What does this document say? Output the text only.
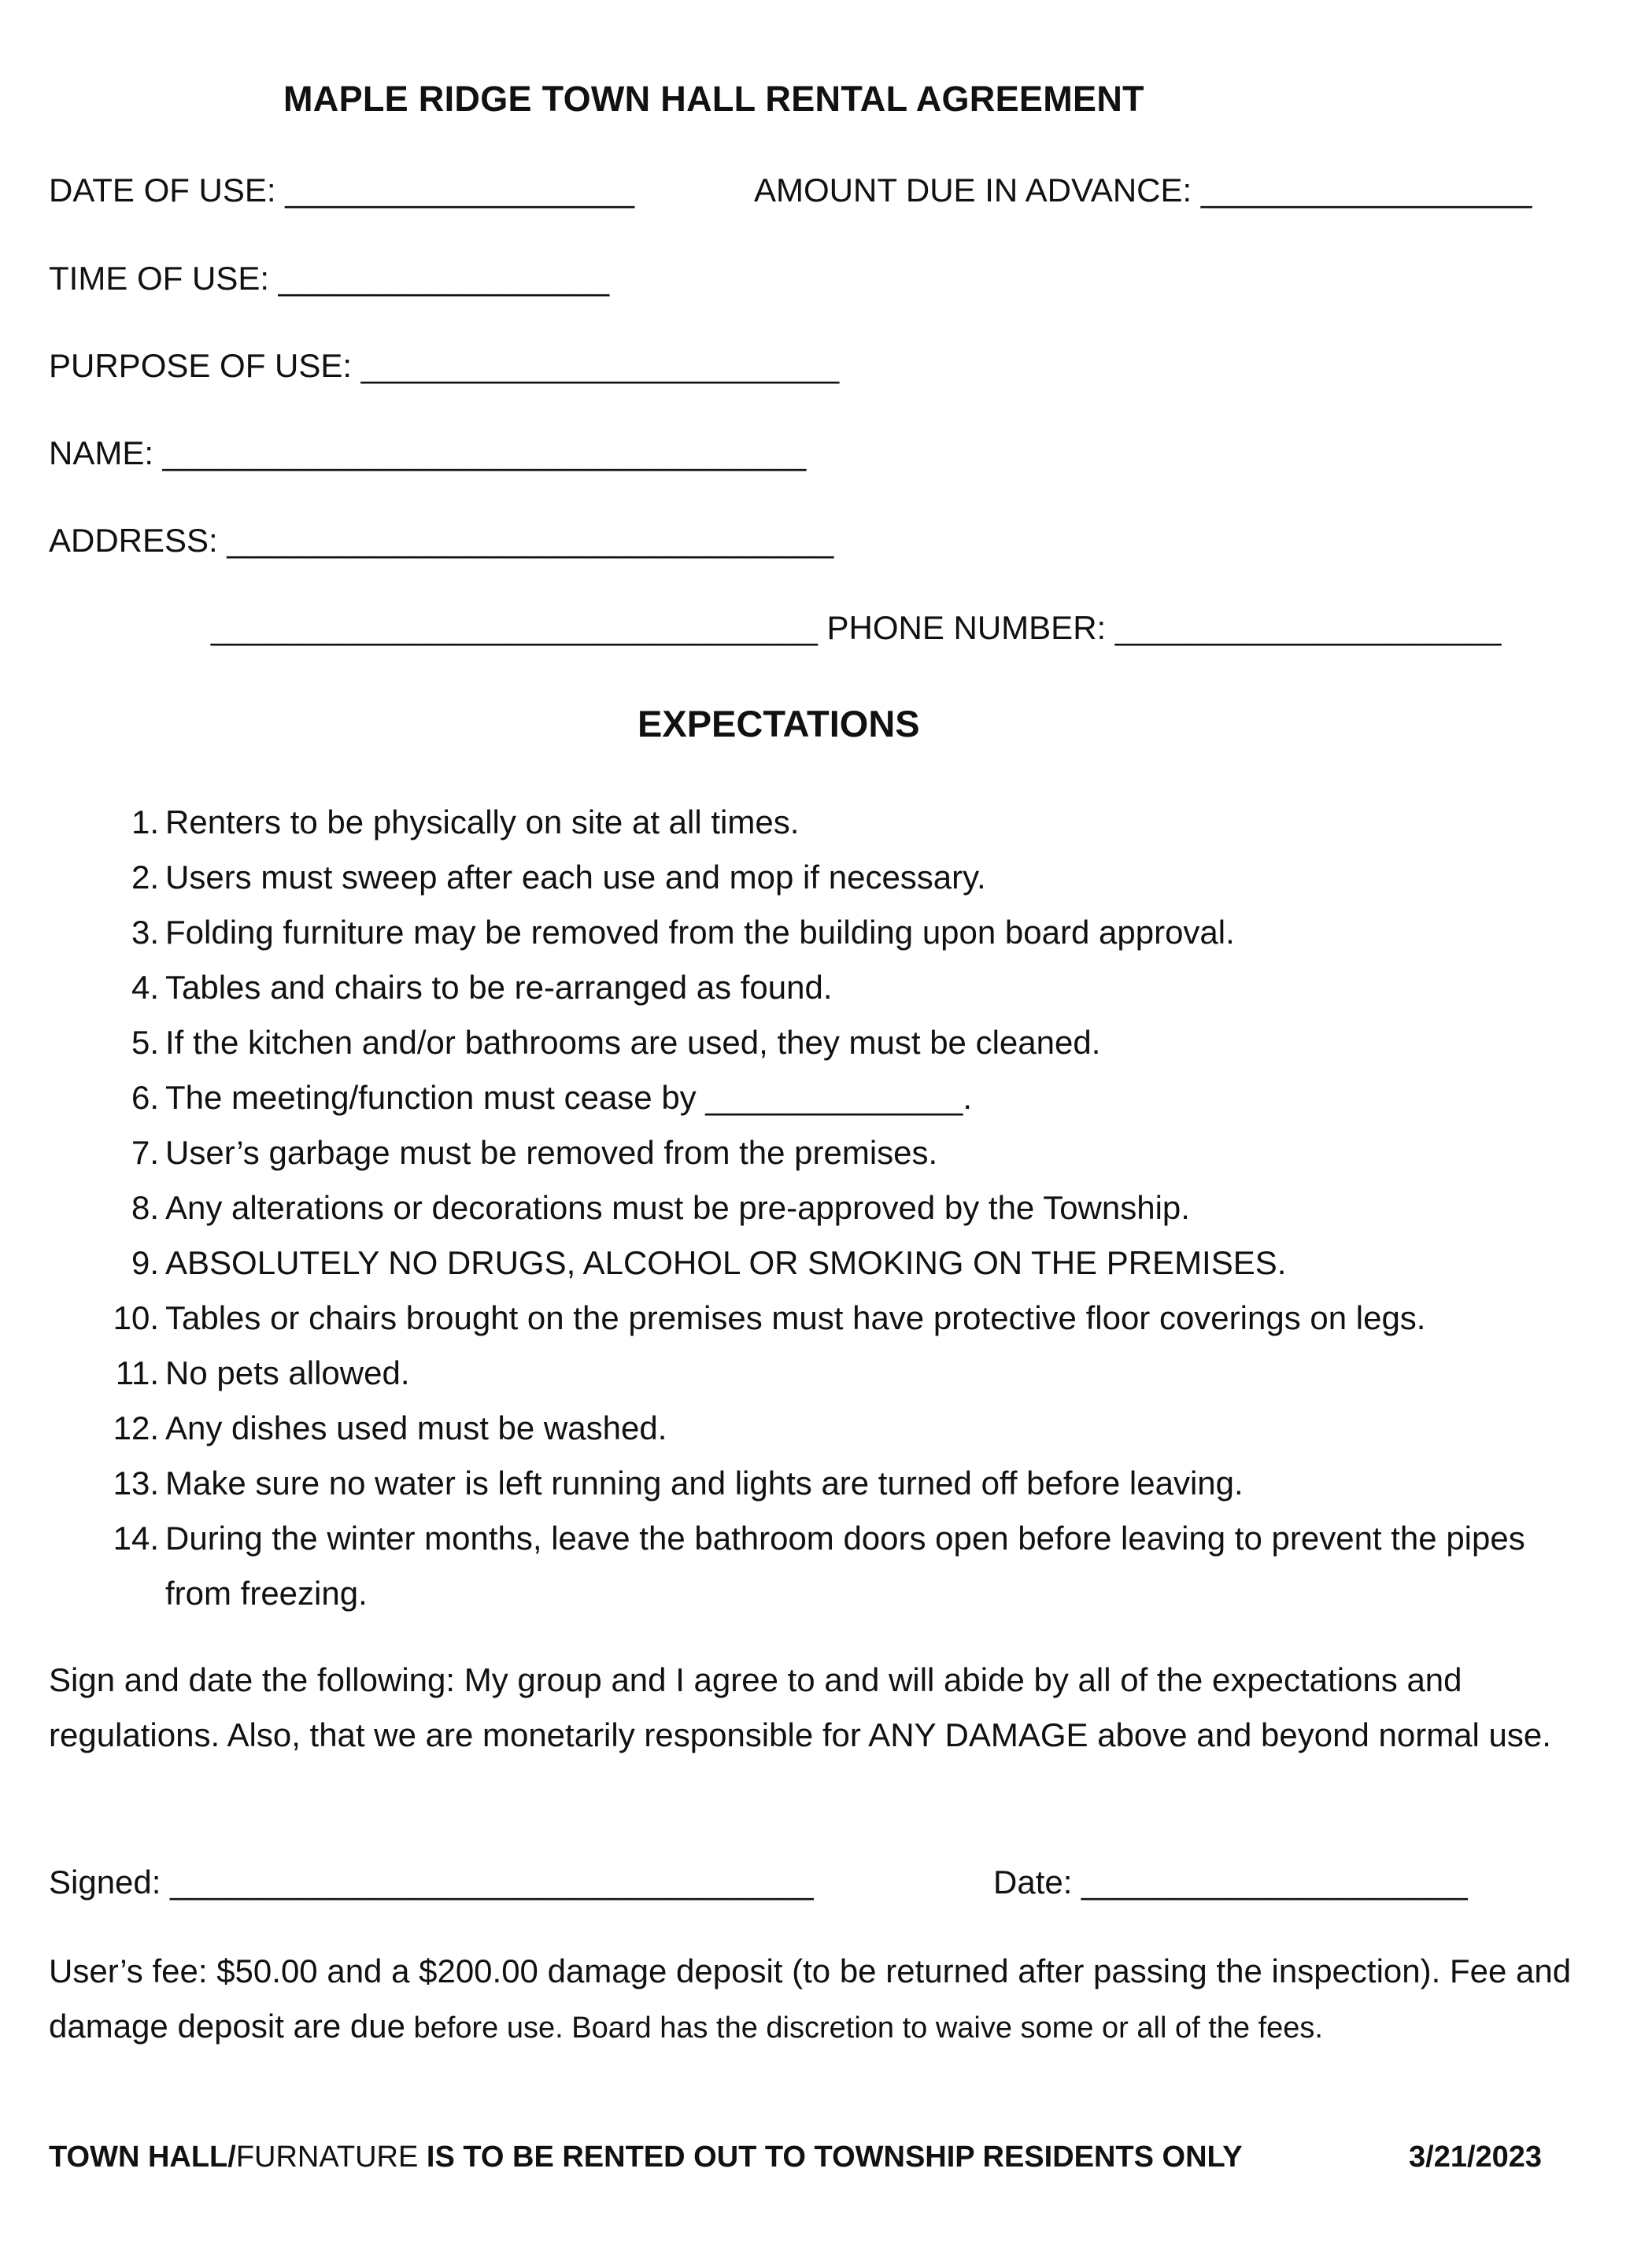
MAPLE RIDGE TOWN HALL RENTAL AGREEMENT
DATE OF USE: ___________________	AMOUNT DUE IN ADVANCE: __________________
TIME OF USE: __________________
PURPOSE OF USE: __________________________
NAME: ___________________________________
ADDRESS: _________________________________
_________________________________ PHONE NUMBER: _____________________
EXPECTATIONS
1. Renters to be physically on site at all times.
2. Users must sweep after each use and mop if necessary.
3. Folding furniture may be removed from the building upon board approval.
4. Tables and chairs to be re-arranged as found.
5. If the kitchen and/or bathrooms are used, they must be cleaned.
6. The meeting/function must cease by ______________.
7. User’s garbage must be removed from the premises.
8. Any alterations or decorations must be pre-approved by the Township.
9. ABSOLUTELY NO DRUGS, ALCOHOL OR SMOKING ON THE PREMISES.
10. Tables or chairs brought on the premises must have protective floor coverings on legs.
11. No pets allowed.
12. Any dishes used must be washed.
13. Make sure no water is left running and lights are turned off before leaving.
14. During the winter months, leave the bathroom doors open before leaving to prevent the pipes from freezing.
Sign and date the following: My group and I agree to and will abide by all of the expectations and regulations. Also, that we are monetarily responsible for ANY DAMAGE above and beyond normal use.
Signed: ___________________________________	Date: _____________________
User’s fee: $50.00 and a $200.00 damage deposit (to be returned after passing the inspection). Fee and damage deposit are due before use. Board has the discretion to waive some or all of the fees.
TOWN HALL/FURNATURE IS TO BE RENTED OUT TO TOWNSHIP RESIDENTS ONLY	3/21/2023
